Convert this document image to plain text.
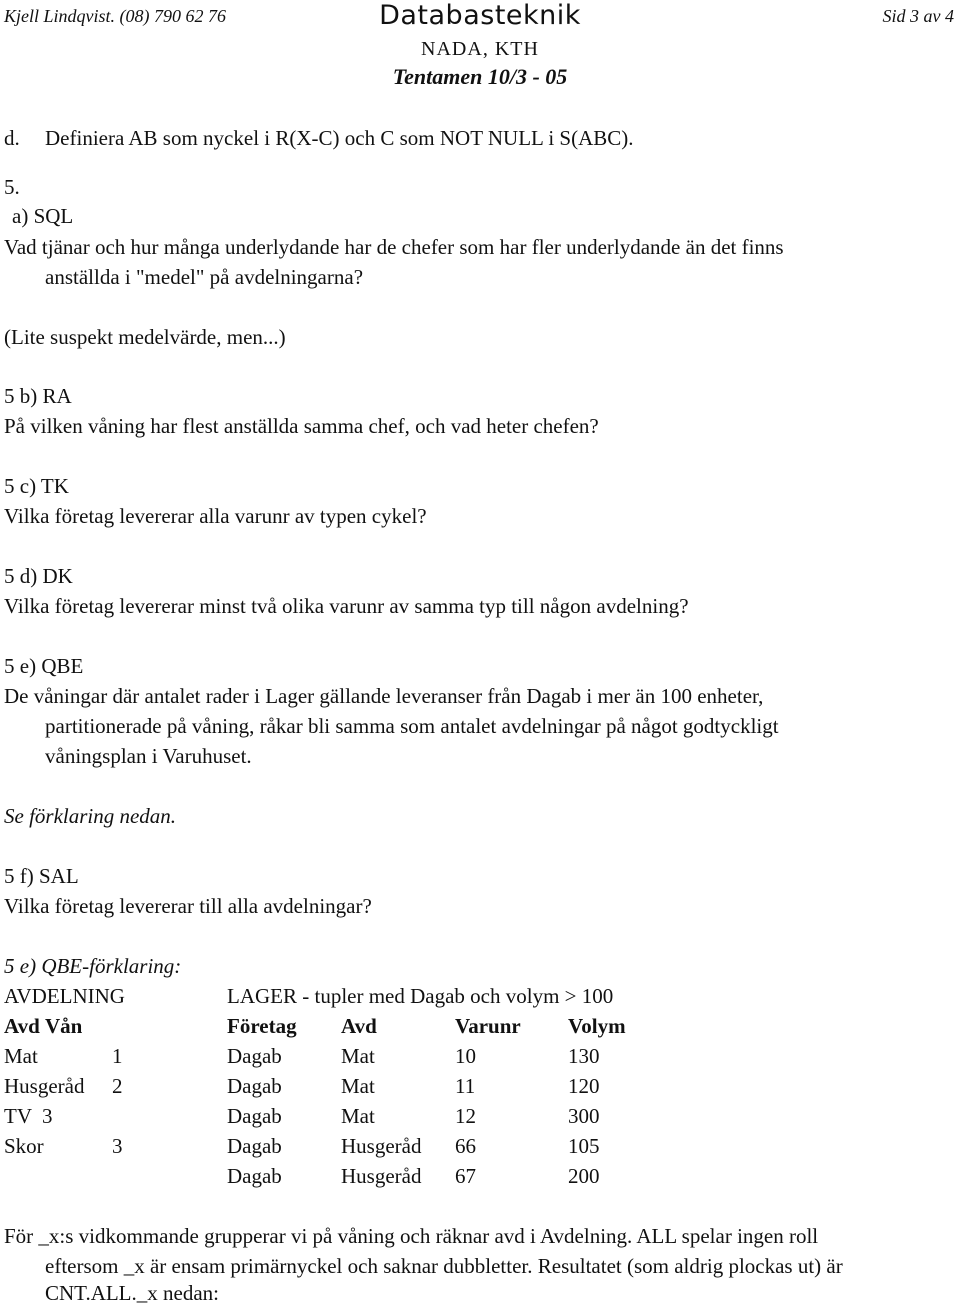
Kjell Lindqvist. (08) 790 62 76	Databasteknik	Sid 3 av 4
NADA, KTH
Tentamen 10/3 - 05
d. Definiera AB som nyckel i R(X-C) och C som NOT NULL i S(ABC).
5.
a) SQL
Vad tjänar och hur många underlydande har de chefer som har fler underlydande än det finns
anställda i "medel" på avdelningarna?
(Lite suspekt medelvärde, men...)
5 b) RA
På vilken våning har flest anställda samma chef, och vad heter chefen?
5 c) TK
Vilka företag levererar alla varunr av typen cykel?
5 d) DK
Vilka företag levererar minst två olika varunr av samma typ till någon avdelning?
5 e) QBE
De våningar där antalet rader i Lager gällande leveranser från Dagab i mer än 100 enheter,
partitionerade på våning, råkar bli samma som antalet avdelningar på något godtyckligt
våningsplan i Varuhuset.
Se förklaring nedan.
5 f) SAL
Vilka företag levererar till alla avdelningar?
5 e) QBE-förklaring:
AVDELNING	LAGER - tupler med Dagab och volym > 100
Avd Vån
Mat	1
Husgeråd 2
TV 3
Skor	3
Företag Avd	Varunr Volym
Dagab	Mat	10	130
Dagab	Mat	11	120
Dagab	Mat	12	300
Dagab	Husgeråd 66	105
Dagab	Husgeråd 67	200
För _x:s vidkommande grupperar vi på våning och räknar avd i Avdelning. ALL spelar ingen roll
eftersom _x är ensam primärnyckel och saknar dubbletter. Resultatet (som aldrig plockas ut) är
CNT.ALL._x nedan:
